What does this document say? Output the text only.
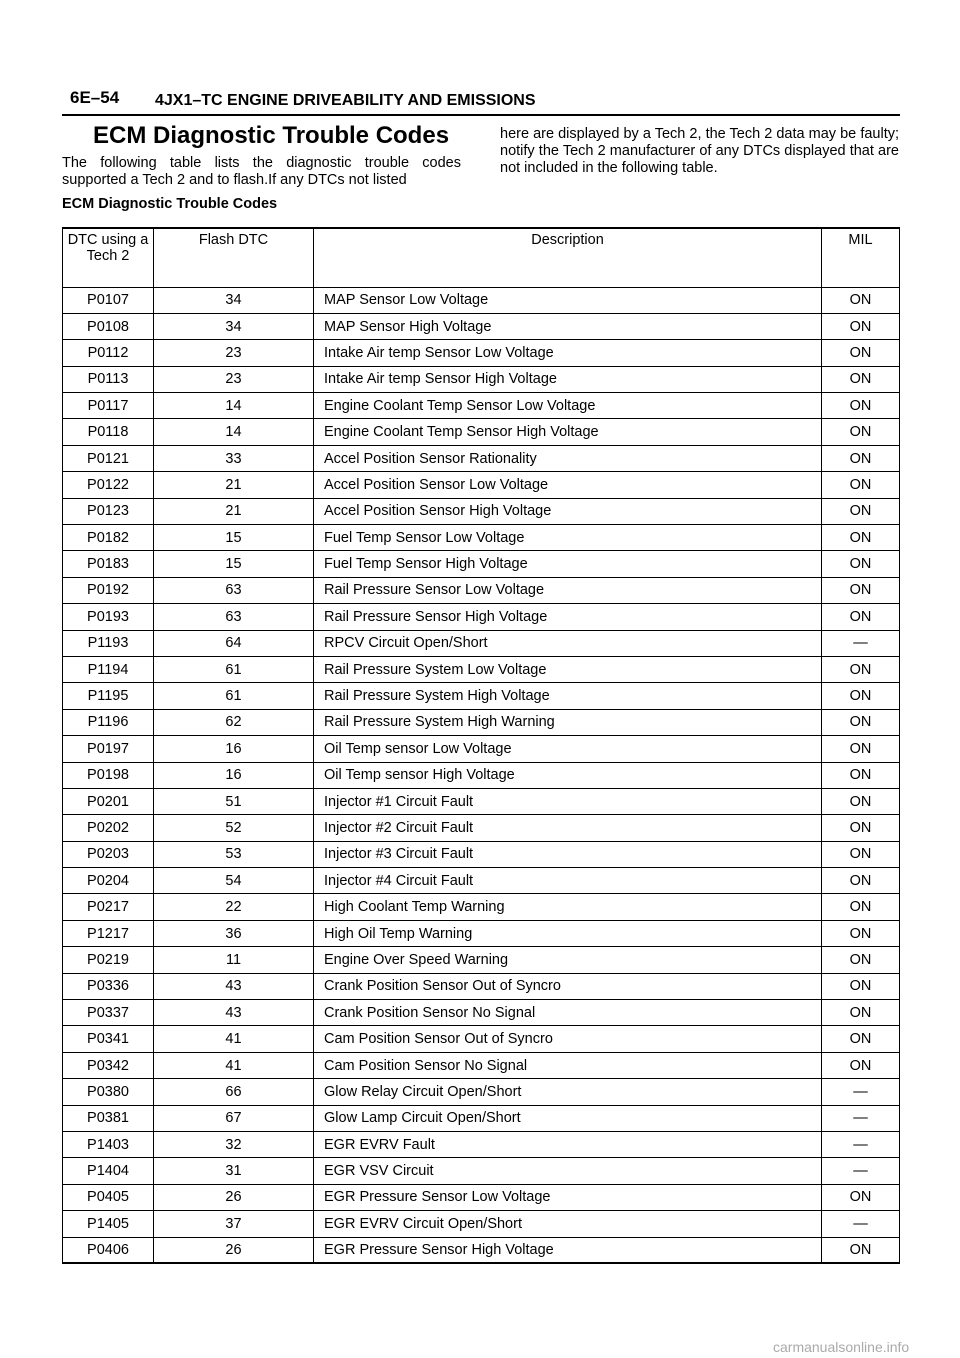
6E–54 4JX1–TC ENGINE DRIVEABILITY AND EMISSIONS
ECM Diagnostic Trouble Codes
The following table lists the diagnostic trouble codes supported a Tech 2 and to flash.If any DTCs not listed
here are displayed by a Tech 2, the Tech 2 data may be faulty; notify the Tech 2 manufacturer of any DTCs displayed that are not included in the following table.
ECM Diagnostic Trouble Codes
DTC using a Tech 2	Flash DTC	Description	MIL
P0107	34	MAP Sensor Low Voltage	ON
P0108	34	MAP Sensor High Voltage	ON
P0112	23	Intake Air temp Sensor Low Voltage	ON
P0113	23	Intake Air temp Sensor High Voltage	ON
P0117	14	Engine Coolant Temp Sensor Low Voltage	ON
P0118	14	Engine Coolant Temp Sensor High Voltage	ON
P0121	33	Accel Position Sensor Rationality	ON
P0122	21	Accel Position Sensor Low Voltage	ON
P0123	21	Accel Position Sensor High Voltage	ON
P0182	15	Fuel Temp Sensor Low Voltage	ON
P0183	15	Fuel Temp Sensor High Voltage	ON
P0192	63	Rail Pressure Sensor Low Voltage	ON
P0193	63	Rail Pressure Sensor High Voltage	ON
P1193	64	RPCV Circuit Open/Short	—
P1194	61	Rail Pressure System Low Voltage	ON
P1195	61	Rail Pressure System High Voltage	ON
P1196	62	Rail Pressure System High Warning	ON
P0197	16	Oil Temp sensor Low Voltage	ON
P0198	16	Oil Temp sensor High Voltage	ON
P0201	51	Injector #1 Circuit Fault	ON
P0202	52	Injector #2 Circuit Fault	ON
P0203	53	Injector #3 Circuit Fault	ON
P0204	54	Injector #4 Circuit Fault	ON
P0217	22	High Coolant Temp Warning	ON
P1217	36	High Oil Temp Warning	ON
P0219	11	Engine Over Speed Warning	ON
P0336	43	Crank Position Sensor Out of Syncro	ON
P0337	43	Crank Position Sensor No Signal	ON
P0341	41	Cam Position Sensor Out of Syncro	ON
P0342	41	Cam Position Sensor No Signal	ON
P0380	66	Glow Relay Circuit Open/Short	—
P0381	67	Glow Lamp Circuit Open/Short	—
P1403	32	EGR EVRV Fault	—
P1404	31	EGR VSV Circuit	—
P0405	26	EGR Pressure Sensor Low Voltage	ON
P1405	37	EGR EVRV Circuit Open/Short	—
P0406	26	EGR Pressure Sensor High Voltage	ON
carmanualsonline.info
